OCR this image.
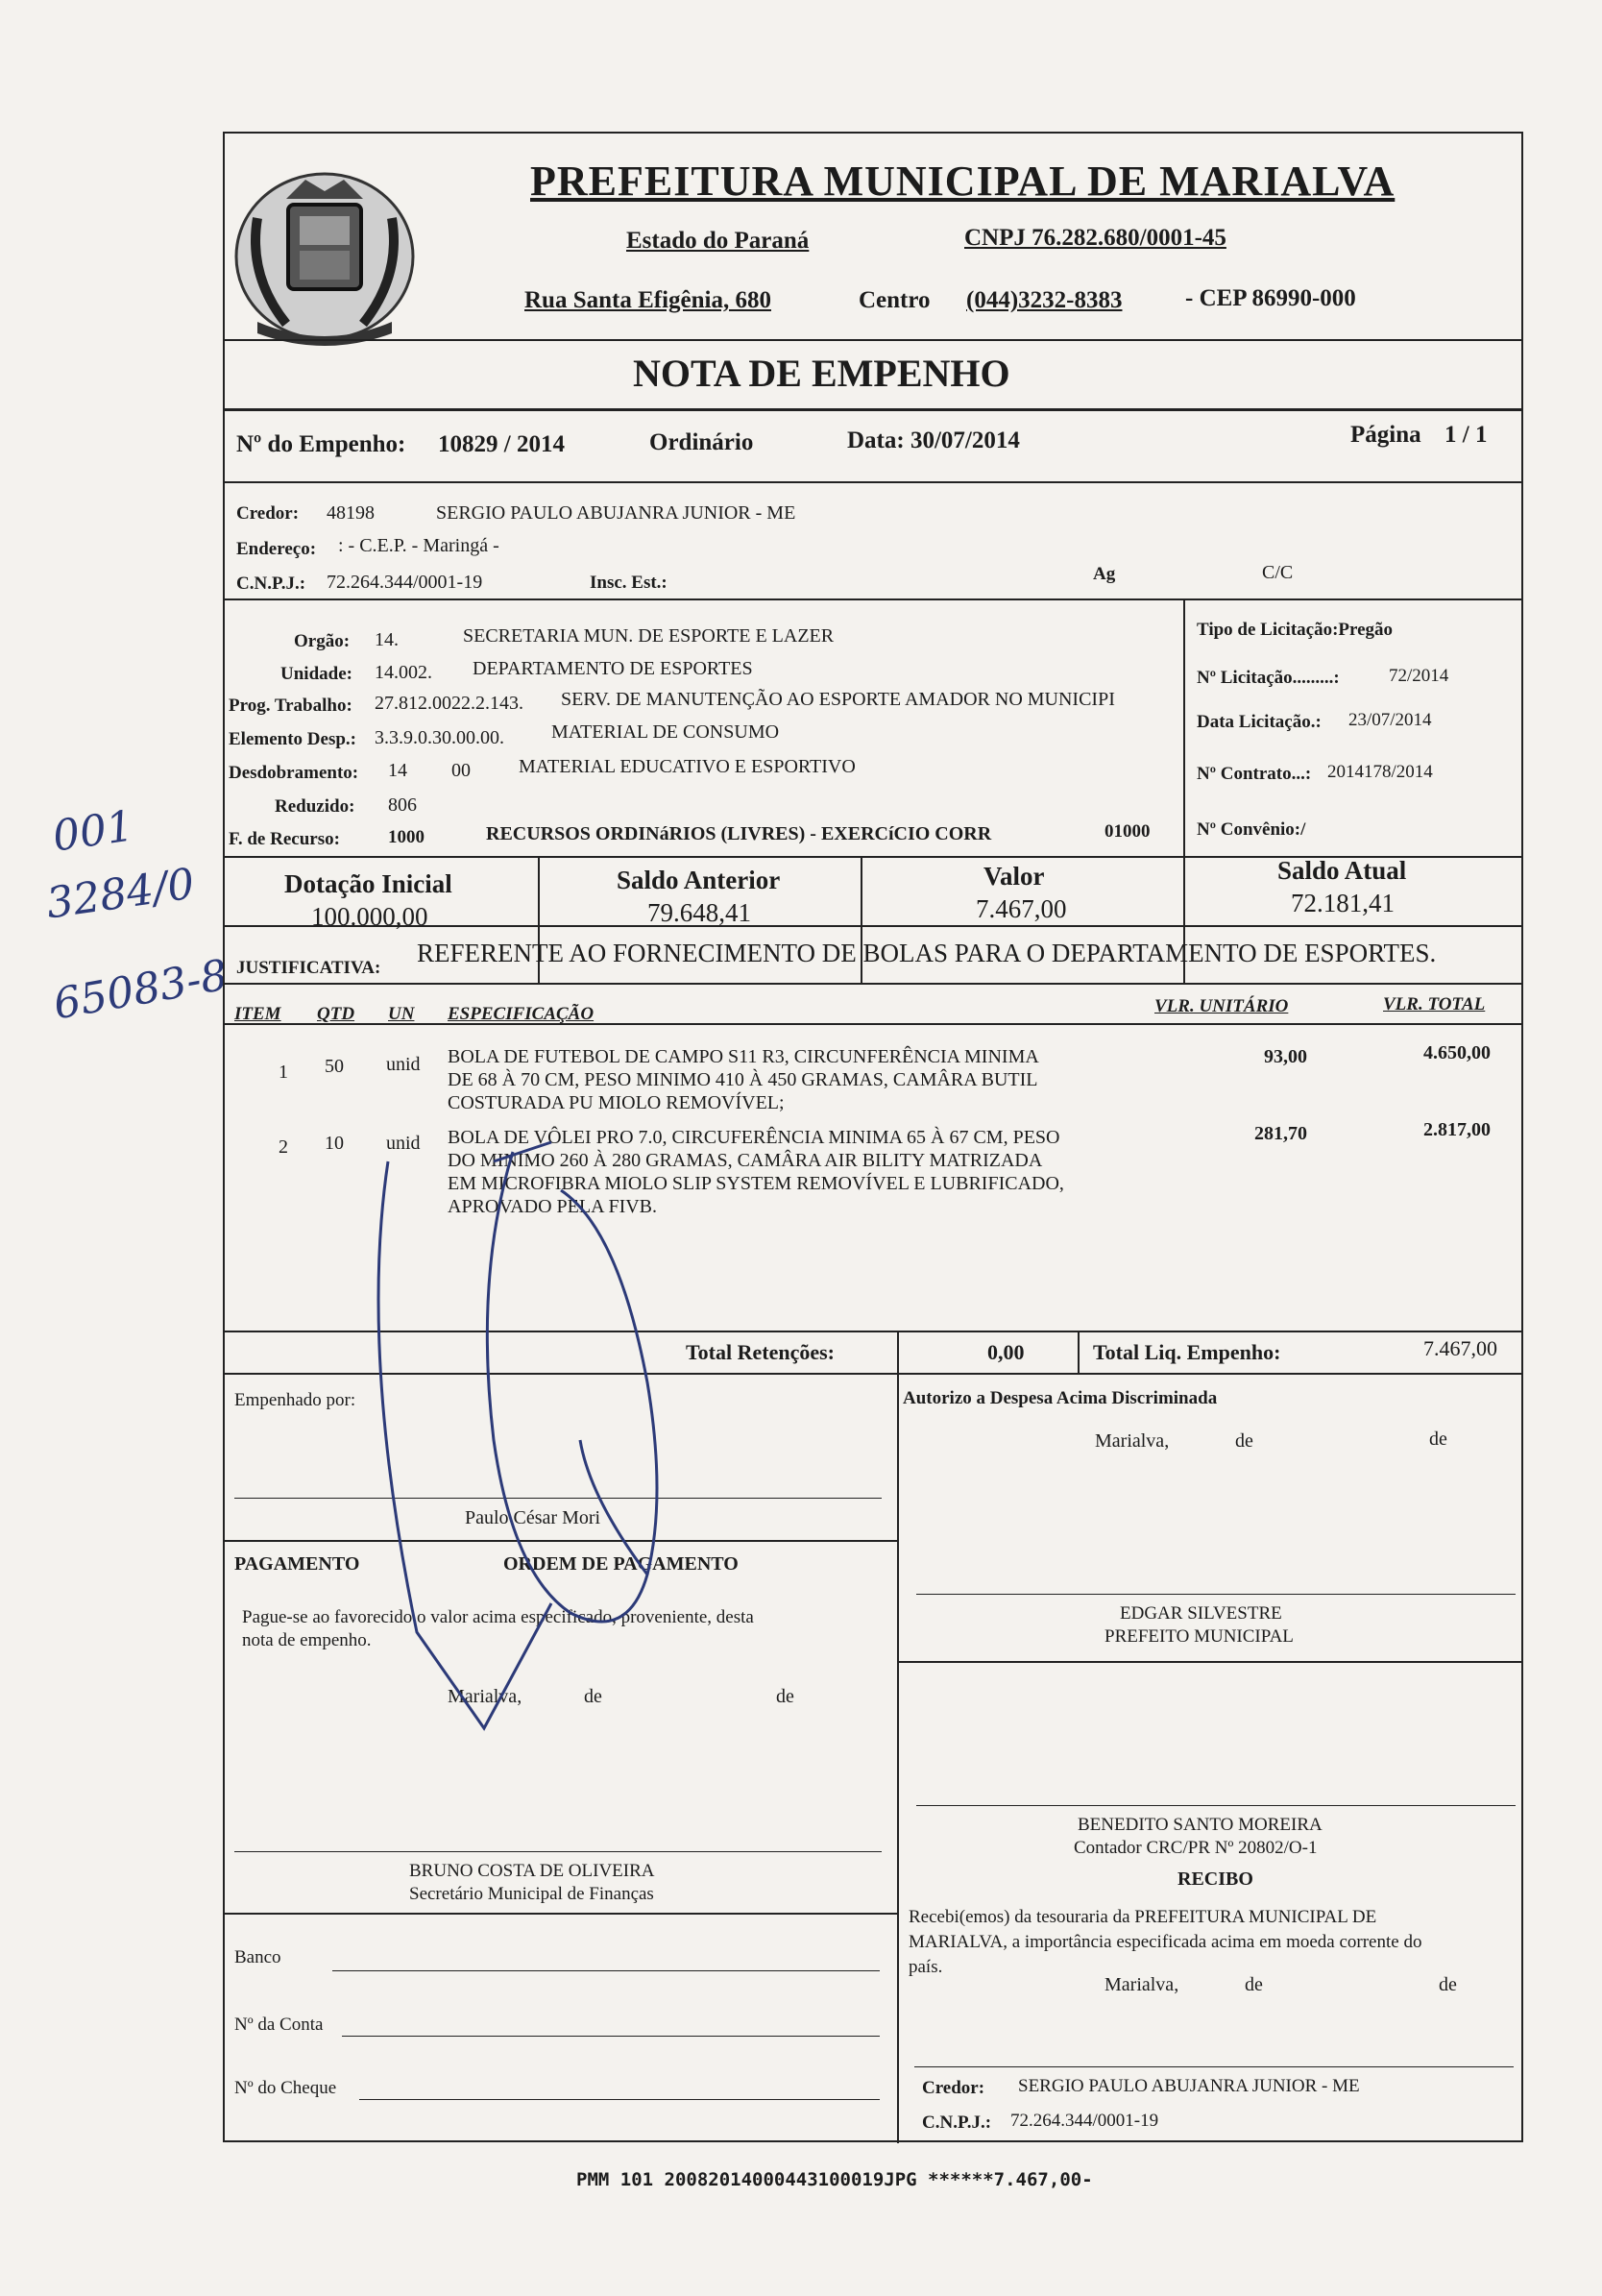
001
3284/0
65083-8
PREFEITURA MUNICIPAL DE MARIALVA
Estado do Paraná	CNPJ 76.282.680/0001-45
Rua Santa Efigênia, 680	Centro (044)3232-8383	- CEP 86990-000
NOTA DE EMPENHO
Nº do Empenho: 10829 / 2014	Ordinário	Data: 30/07/2014	Página 1 / 1
Credor: 48198	SERGIO PAULO ABUJANRA JUNIOR - ME
Endereço: : - C.E.P. - Maringá -
C.N.P.J.: 72.264.344/0001-19	Insc. Est.:	Ag	C/C
Orgão: 14.	SECRETARIA MUN. DE ESPORTE E LAZER
Unidade: 14.002. DEPARTAMENTO DE ESPORTES
Prog. Trabalho: 27.812.0022.2.143. SERV. DE MANUTENÇÃO AO ESPORTE AMADOR NO MUNICIPI
Elemento Desp.: 3.3.9.0.30.00.00. MATERIAL DE CONSUMO
Desdobramento: 14 00	MATERIAL EDUCATIVO E ESPORTIVO
Reduzido: 806
F. de Recurso:	1000	RECURSOS ORDINáRIOS (LIVRES) - EXERCíCIO CORR	01000
Tipo de Licitação:Pregão
Nº Licitação.........:	72/2014
Data Licitação.: 23/07/2014
Nº Contrato...: 2014178/2014
Nº Convênio:/
Dotação Inicial
100.000,00
Saldo Anterior
79.648,41
Valor
7.467,00
Saldo Atual
72.181,41
JUSTIFICATIVA:
REFERENTE AO FORNECIMENTO DE BOLAS PARA O DEPARTAMENTO DE ESPORTES.
ITEM QTD UN ESPECIFICAÇÃO	VLR. UNITÁRIO	VLR. TOTAL
1 50 unid BOLA DE FUTEBOL DE CAMPO S11 R3, CIRCUNFERÊNCIA MINIMA
DE 68 À 70 CM, PESO MINIMO 410 À 450 GRAMAS, CAMÂRA BUTIL
COSTURADA PU MIOLO REMOVÍVEL;
93,00	4.650,00
2 10 unid BOLA DE VÔLEI PRO 7.0, CIRCUFERÊNCIA MINIMA 65 À 67 CM, PESO
DO MINIMO 260 À 280 GRAMAS, CAMÂRA AIR BILITY MATRIZADA
EM MICROFIBRA MIOLO SLIP SYSTEM REMOVÍVEL E LUBRIFICADO,
APROVADO PELA FIVB.
281,70	2.817,00
Total Retenções:	0,00	Total Liq. Empenho:	7.467,00
Empenhado por:
Paulo César Mori
Autorizo a Despesa Acima Discriminada
Marialva,	de	de
PAGAMENTO	ORDEM DE PAGAMENTO
Pague-se ao favorecido o valor acima especificado, proveniente, desta
nota de empenho.
Marialva,	de	de
EDGAR SILVESTRE
PREFEITO MUNICIPAL
BENEDITO SANTO MOREIRA
Contador CRC/PR Nº 20802/O-1
BRUNO COSTA DE OLIVEIRA
Secretário Municipal de Finanças
RECIBO
Recebi(emos) da tesouraria da PREFEITURA MUNICIPAL DE
MARIALVA, a importância especificada acima em moeda corrente do
país.
Marialva,	de	de
Banco
Nº da Conta
Nº do Cheque	Credor: SERGIO PAULO ABUJANRA JUNIOR - ME
C.N.P.J.: 72.264.344/0001-19
PMM 101 20082014000443100019JPG ******7.467,00-
